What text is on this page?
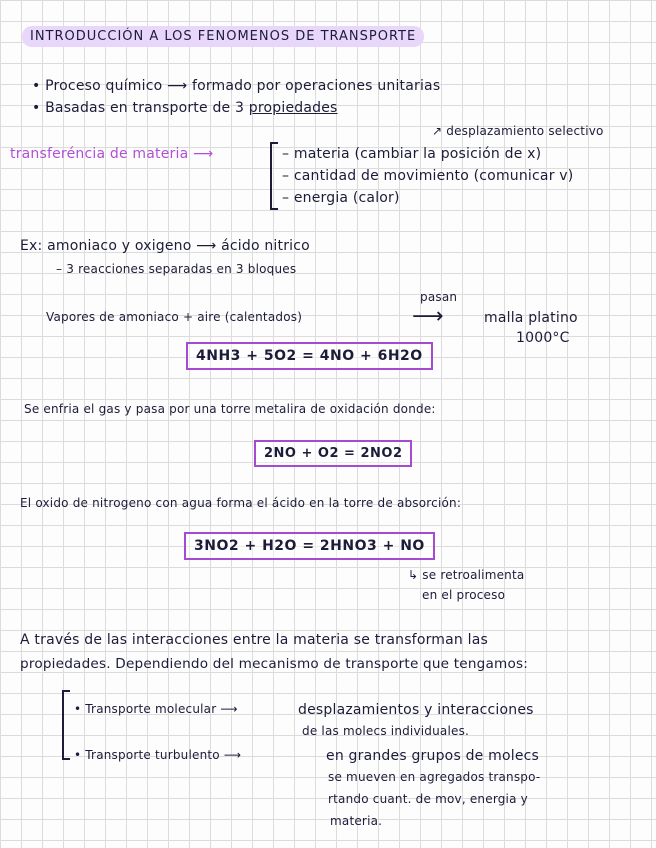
INTRODUCCIÓN A LOS FENOMENOS DE TRANSPORTE
• Proceso químico ⟶ formado por operaciones unitarias
• Basadas en transporte de 3 propiedades
↗ desplazamiento selectivo
transferéncia de materia ⟶	– materia (cambiar la posición de x)
– cantidad de movimiento (comunicar v)
– energia (calor)
Ex: amoniaco y oxigeno ⟶ ácido nitrico
– 3 reacciones separadas en 3 bloques
pasan
Vapores de amoniaco + aire (calentados)	⟶	malla platino
1000°C
4NH3 + 5O2 = 4NO + 6H2O
Se enfria el gas y pasa por una torre metalira de oxidación donde:
2NO + O2 = 2NO2
El oxido de nitrogeno con agua forma el ácido en la torre de absorción:
3NO2 + H2O = 2HNO3 + NO
↳ se retroalimenta
en el proceso
A través de las interacciones entre la materia se transforman las
propiedades. Dependiendo del mecanismo de transporte que tengamos:
• Transporte molecular ⟶	desplazamientos y interacciones
de las molecs individuales.
• Transporte turbulento ⟶	en grandes grupos de molecs
se mueven en agregados transpo-
rtando cuant. de mov, energia y
materia.
